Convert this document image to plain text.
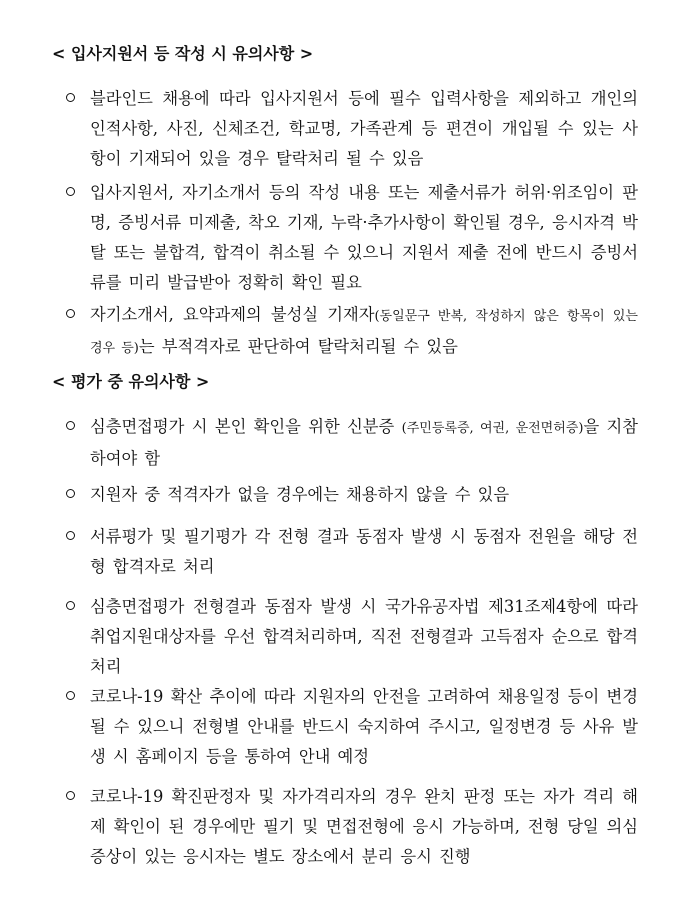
< 입사지원서 등 작성 시 유의사항 >
블라인드 채용에 따라 입사지원서 등에 필수 입력사항을 제외하고 개인의 인적사항, 사진, 신체조건, 학교명, 가족관계 등 편견이 개입될 수 있는 사항이 기재되어 있을 경우 탈락처리 될 수 있음
입사지원서, 자기소개서 등의 작성 내용 또는 제출서류가 허위·위조임이 판명, 증빙서류 미제출, 착오 기재, 누락·추가사항이 확인될 경우, 응시자격 박탈 또는 불합격, 합격이 취소될 수 있으니 지원서 제출 전에 반드시 증빙서류를 미리 발급받아 정확히 확인 필요
자기소개서, 요약과제의 불성실 기재자(동일문구 반복, 작성하지 않은 항목이 있는 경우 등)는 부적격자로 판단하여 탈락처리될 수 있음
< 평가 중 유의사항 >
심층면접평가 시 본인 확인을 위한 신분증 (주민등록증, 여권, 운전면허증)을 지참하여야 함
지원자 중 적격자가 없을 경우에는 채용하지 않을 수 있음
서류평가 및 필기평가 각 전형 결과 동점자 발생 시 동점자 전원을 해당 전형 합격자로 처리
심층면접평가 전형결과 동점자 발생 시 국가유공자법 제31조제4항에 따라 취업지원대상자를 우선 합격처리하며, 직전 전형결과 고득점자 순으로 합격처리
코로나-19 확산 추이에 따라 지원자의 안전을 고려하여 채용일정 등이 변경될 수 있으니 전형별 안내를 반드시 숙지하여 주시고, 일정변경 등 사유 발생 시 홈페이지 등을 통하여 안내 예정
코로나-19 확진판정자 및 자가격리자의 경우 완치 판정 또는 자가 격리 해제 확인이 된 경우에만 필기 및 면접전형에 응시 가능하며, 전형 당일 의심증상이 있는 응시자는 별도 장소에서 분리 응시 진행
